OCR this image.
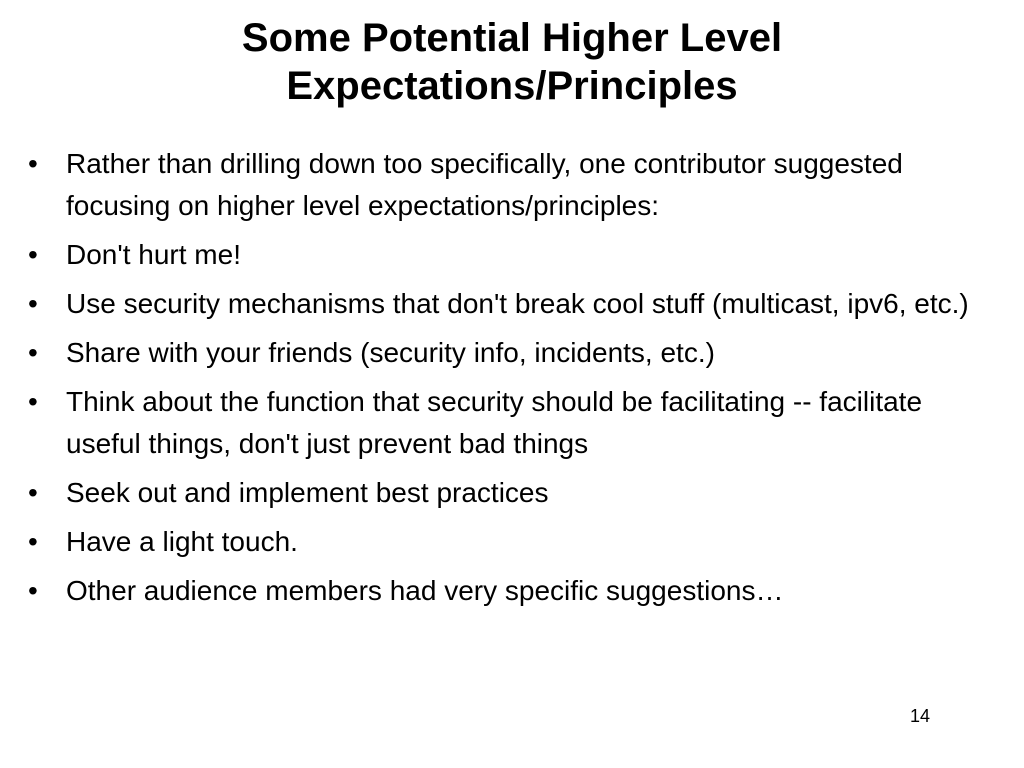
Some Potential Higher Level
Expectations/Principles
•	Rather than drilling down too specifically, one contributor suggested focusing on higher level expectations/principles:
•	Don't hurt me!
•	Use security mechanisms that don't break cool stuff (multicast, ipv6, etc.)
•	Share with your friends (security info, incidents, etc.)
•	Think about the function that security should be facilitating -- facilitate useful things, don't just prevent bad things
•	Seek out and implement best practices
•	Have a light touch.
•	Other audience members had very specific suggestions…
14
